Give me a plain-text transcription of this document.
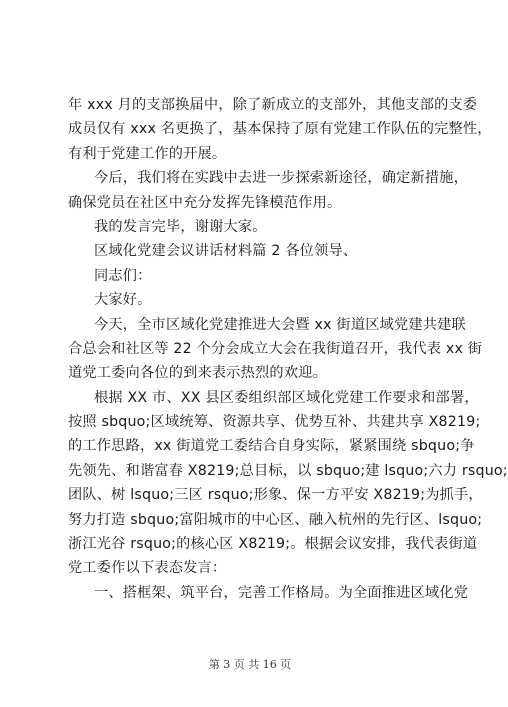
年 xxx 月的支部换届中，除了新成立的支部外，其他支部的支委
成员仅有 xxx 名更换了，基本保持了原有党建工作队伍的完整性，
有利于党建工作的开展。
今后，我们将在实践中去进一步探索新途径，确定新措施，
确保党员在社区中充分发挥先锋模范作用。
我的发言完毕，谢谢大家。
区域化党建会议讲话材料篇 2 各位领导、
同志们：
大家好。
今天，全市区域化党建推进大会暨 xx 街道区域党建共建联
合总会和社区等 22 个分会成立大会在我街道召开，我代表 xx 街
道党工委向各位的到来表示热烈的欢迎。
根据 XX 市、XX 县区委组织部区域化党建工作要求和部署，
按照 sbquo;区域统筹、资源共享、优势互补、共建共享 X8219;
的工作思路，xx 街道党工委结合自身实际，紧紧围绕 sbquo;争
先领先、和谐富春 X8219;总目标，以 sbquo;建 lsquo;六力 rsquo;
团队、树 lsquo;三区 rsquo;形象、保一方平安 X8219;为抓手，
努力打造 sbquo;富阳城市的中心区、融入杭州的先行区、lsquo;
浙江光谷 rsquo;的核心区 X8219;。根据会议安排，我代表街道
党工委作以下表态发言：
一、搭框架、筑平台，完善工作格局。为全面推进区域化党
第 3 页 共 16 页
